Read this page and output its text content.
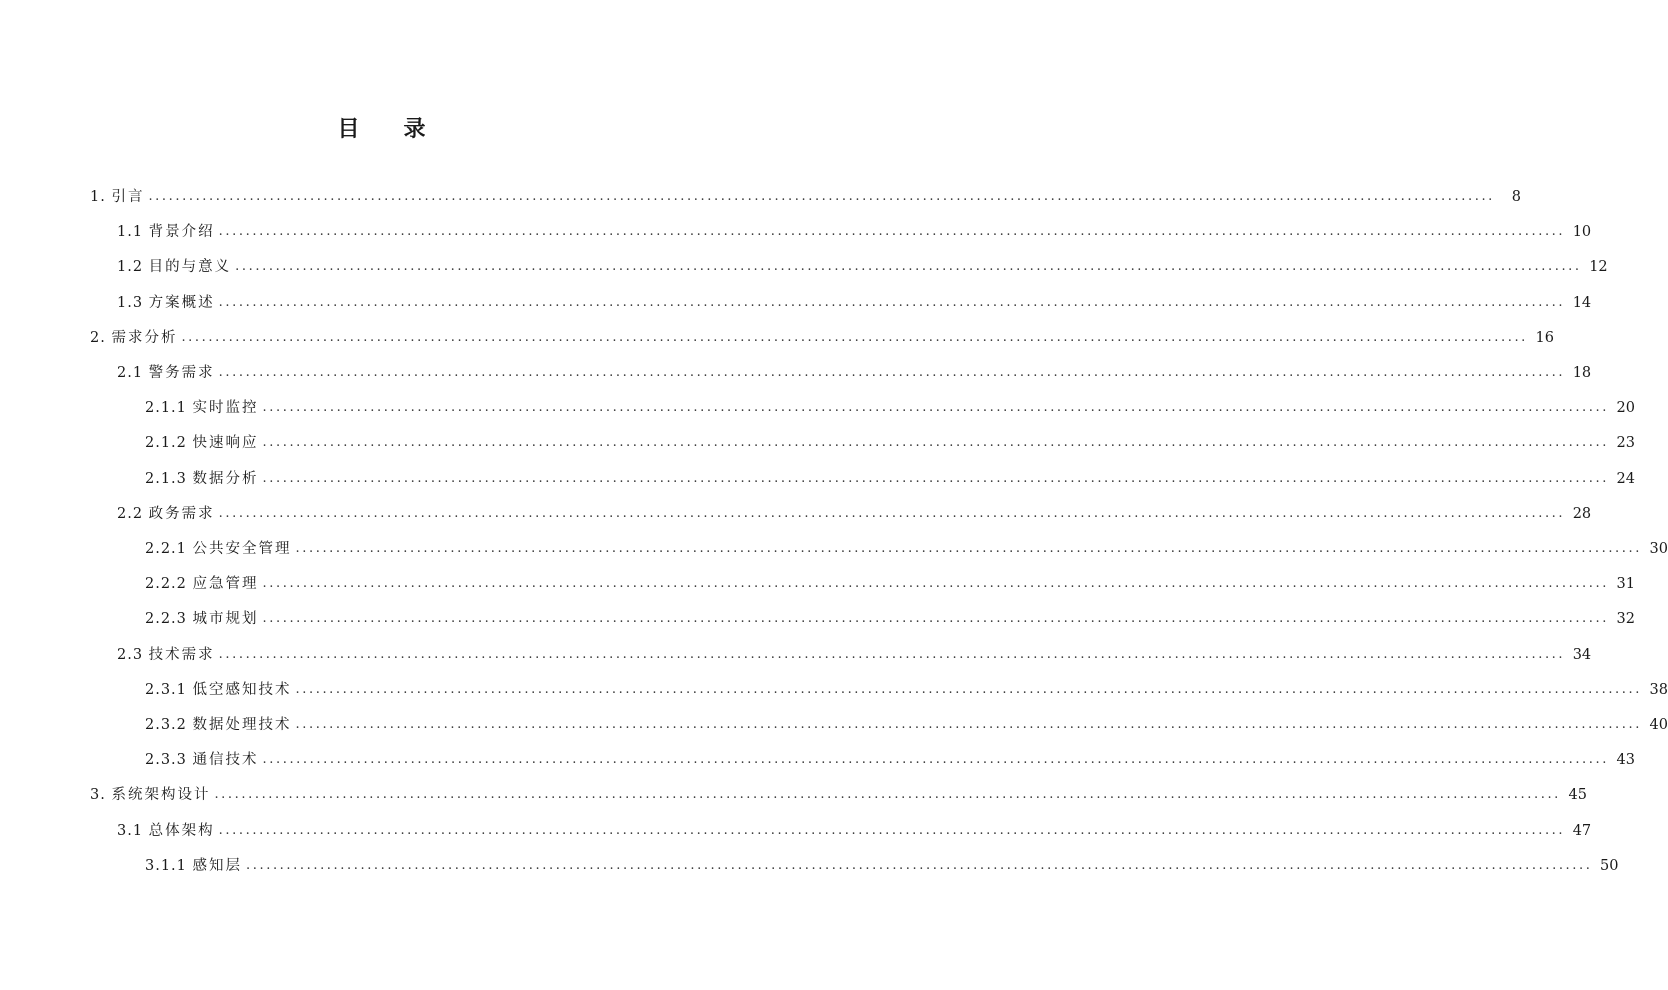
目 录
1. 引言 ........................................................................................................................................................................................................	8
1.1 背景介绍 ........................................................................................................................................................................................................ 10
1.2 目的与意义 ........................................................................................................................................................................................................ 12
1.3 方案概述 ........................................................................................................................................................................................................ 14
2. 需求分析 ........................................................................................................................................................................................................ 16
2.1 警务需求 ........................................................................................................................................................................................................ 18
2.1.1 实时监控 ........................................................................................................................................................................................................ 20
2.1.2 快速响应 ........................................................................................................................................................................................................ 23
2.1.3 数据分析 ........................................................................................................................................................................................................ 24
2.2 政务需求 ........................................................................................................................................................................................................ 28
2.2.1 公共安全管理 ........................................................................................................................................................................................................ 30
2.2.2 应急管理 ........................................................................................................................................................................................................ 31
2.2.3 城市规划 ........................................................................................................................................................................................................ 32
2.3 技术需求 ........................................................................................................................................................................................................ 34
2.3.1 低空感知技术 ........................................................................................................................................................................................................ 38
2.3.2 数据处理技术 ........................................................................................................................................................................................................ 40
2.3.3 通信技术 ........................................................................................................................................................................................................ 43
3. 系统架构设计 ........................................................................................................................................................................................................ 45
3.1 总体架构 ........................................................................................................................................................................................................ 47
3.1.1 感知层 ........................................................................................................................................................................................................ 50
